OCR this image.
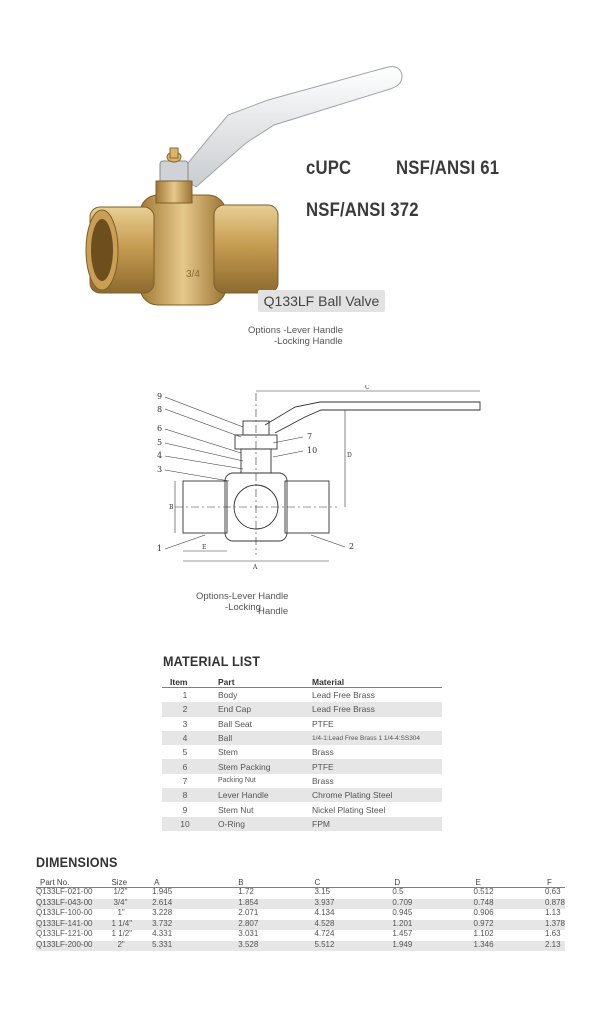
3/4
cUPC NSF/ANSI 61
NSF/ANSI 372
Q133LF Ball Valve
Options -Lever Handle
-Locking Handle
9
8
6
5
4
3
1
7
10
2
C
D
B
E
A
Options-Lever Handle
-Locking
Handle
MATERIAL LIST
Item	Part	Material
1	Body	Lead Free Brass
2	End Cap	Lead Free Brass
3	Ball Seat	PTFE
4	Ball	1/4-1:Lead Free Brass 1 1/4-4:SS304
5	Stem	Brass
6	Stem Packing	PTFE
7	Packing Nut	Brass
8	Lever Handle	Chrome Plating Steel
9	Stem Nut	Nickel Plating Steel
10	O-Ring	FPM
DIMENSIONS
Part No.	Size	A	B	C	D	E	F
Q133LF-021-00	1/2"	1.945	1.72	3.15	0.5	0.512	0.63
Q133LF-043-00	3/4"	2.614	1.854	3.937	0.709	0.748	0.878
Q133LF-100-00	1"	3.228	2.071	4.134	0.945	0.906	1.13
Q133LF-141-00	1 1/4"	3.732	2.807	4.528	1.201	0.972	1.378
Q133LF-121-00	1 1/2"	4.331	3.031	4.724	1.457	1.102	1.63
Q133LF-200-00	2"	5.331	3.528	5.512	1.949	1.346	2.13
